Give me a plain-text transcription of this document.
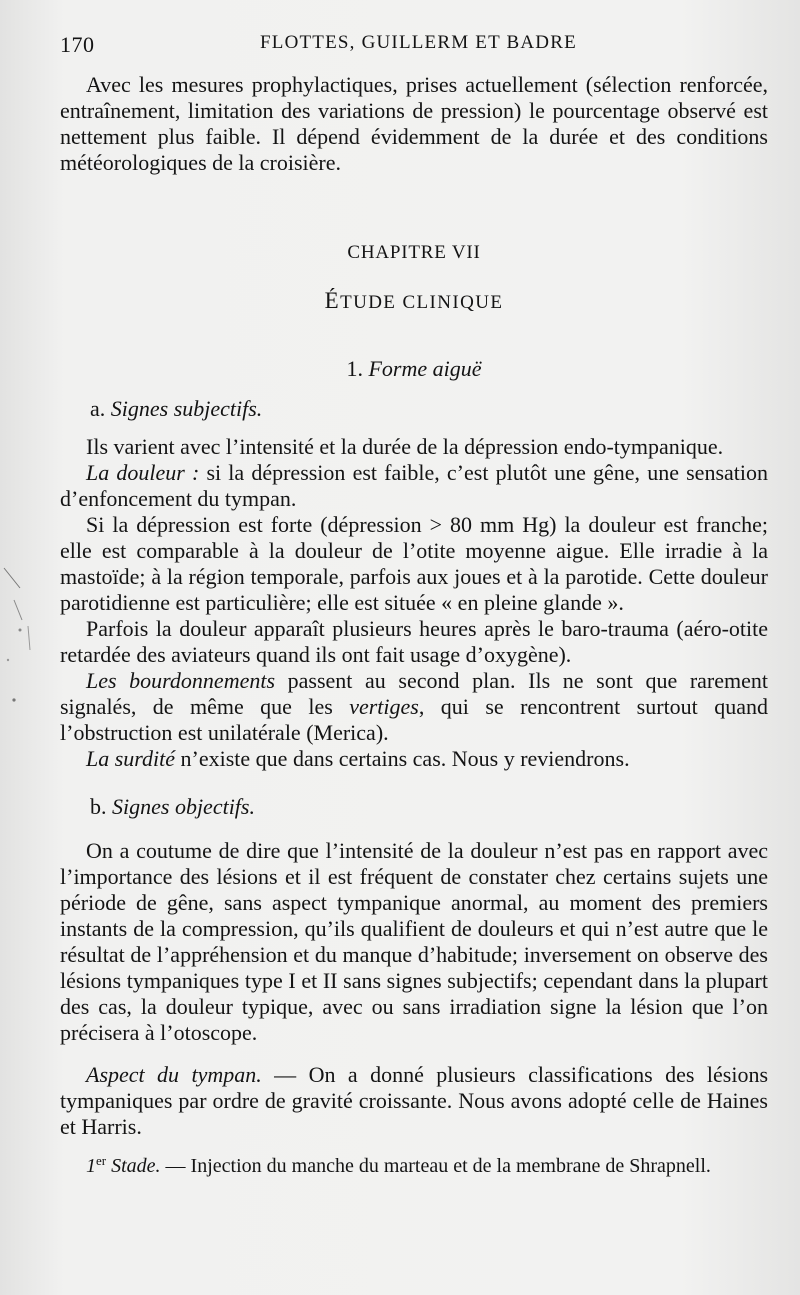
170	FLOTTES, GUILLERM ET BADRE

Avec les mesures prophylactiques, prises actuellement (sélection renforcée, entraînement, limitation des variations de pression) le pourcentage observé est nettement plus faible. Il dépend évidemment de la durée et des conditions météorologiques de la croisière.

CHAPITRE VII

ÉTUDE CLINIQUE

1. Forme aiguë

a. Signes subjectifs.

Ils varient avec l’intensité et la durée de la dépression endo-tympanique.

La douleur : si la dépression est faible, c’est plutôt une gêne, une sensation d’enfoncement du tympan.

Si la dépression est forte (dépression > 80 mm Hg) la douleur est franche; elle est comparable à la douleur de l’otite moyenne aigue. Elle irradie à la mastoïde; à la région temporale, parfois aux joues et à la parotide. Cette douleur parotidienne est particulière; elle est située « en pleine glande ».

Parfois la douleur apparaît plusieurs heures après le baro-trauma (aéro-otite retardée des aviateurs quand ils ont fait usage d’oxygène).

Les bourdonnements passent au second plan. Ils ne sont que rarement signalés, de même que les vertiges, qui se rencontrent surtout quand l’obstruction est unilatérale (Merica).

La surdité n’existe que dans certains cas. Nous y reviendrons.

b. Signes objectifs.

On a coutume de dire que l’intensité de la douleur n’est pas en rapport avec l’importance des lésions et il est fréquent de constater chez certains sujets une période de gêne, sans aspect tympanique anormal, au moment des premiers instants de la compression, qu’ils qualifient de douleurs et qui n’est autre que le résultat de l’appréhension et du manque d’habitude; inversement on observe des lésions tympaniques type I et II sans signes subjectifs; cependant dans la plupart des cas, la douleur typique, avec ou sans irradiation signe la lésion que l’on précisera à l’otoscope.

Aspect du tympan. — On a donné plusieurs classifications des lésions tympaniques par ordre de gravité croissante. Nous avons adopté celle de Haines et Harris.

1er Stade. — Injection du manche du marteau et de la membrane de Shrapnell.
